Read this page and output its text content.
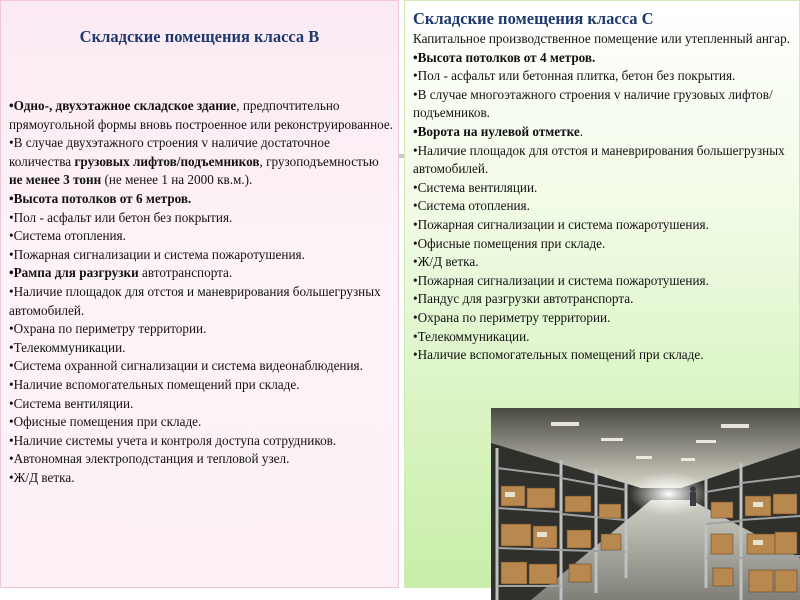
Складские помещения класса В
•Одно-, двухэтажное складское здание, предпочтительно прямоугольной формы вновь построенное или реконструированное.
•В случае двухэтажного строения v наличие достаточное количества грузовых лифтов/подъемников, грузоподъемностью не менее 3 тонн (не менее 1 на 2000 кв.м.).
•Высота потолков от 6 метров.
•Пол - асфальт или бетон без покрытия.
•Система отопления.
•Пожарная сигнализации и система пожаротушения.
•Рампа для разгрузки автотранспорта.
•Наличие площадок для отстоя и маневрирования большегрузных автомобилей.
•Охрана по периметру территории.
•Телекоммуникации.
•Система охранной сигнализации и система видеонаблюдения.
•Наличие вспомогательных помещений при складе.
•Система вентиляции.
•Офисные помещения при складе.
•Наличие системы учета и контроля доступа сотрудников.
•Автономная электроподстанция и тепловой узел.
•Ж/Д ветка.
Складские помещения класса С
Капитальное производственное помещение или утепленный ангар.
•Высота потолков от 4 метров.
•Пол - асфальт или бетонная плитка, бетон без покрытия.
•В случае многоэтажного строения v наличие грузовых лифтов/подъемников.
•Ворота на нулевой отметке.
•Наличие площадок для отстоя и маневрирования большегрузных автомобилей.
•Система вентиляции.
•Система отопления.
•Пожарная сигнализации и система пожаротушения.
•Офисные помещения при складе.
•Ж/Д ветка.
•Пожарная сигнализации и система пожаротушения.
•Пандус для разгрузки автотранспорта.
•Охрана по периметру территории.
•Телекоммуникации.
•Наличие вспомогательных помещений при складе.
